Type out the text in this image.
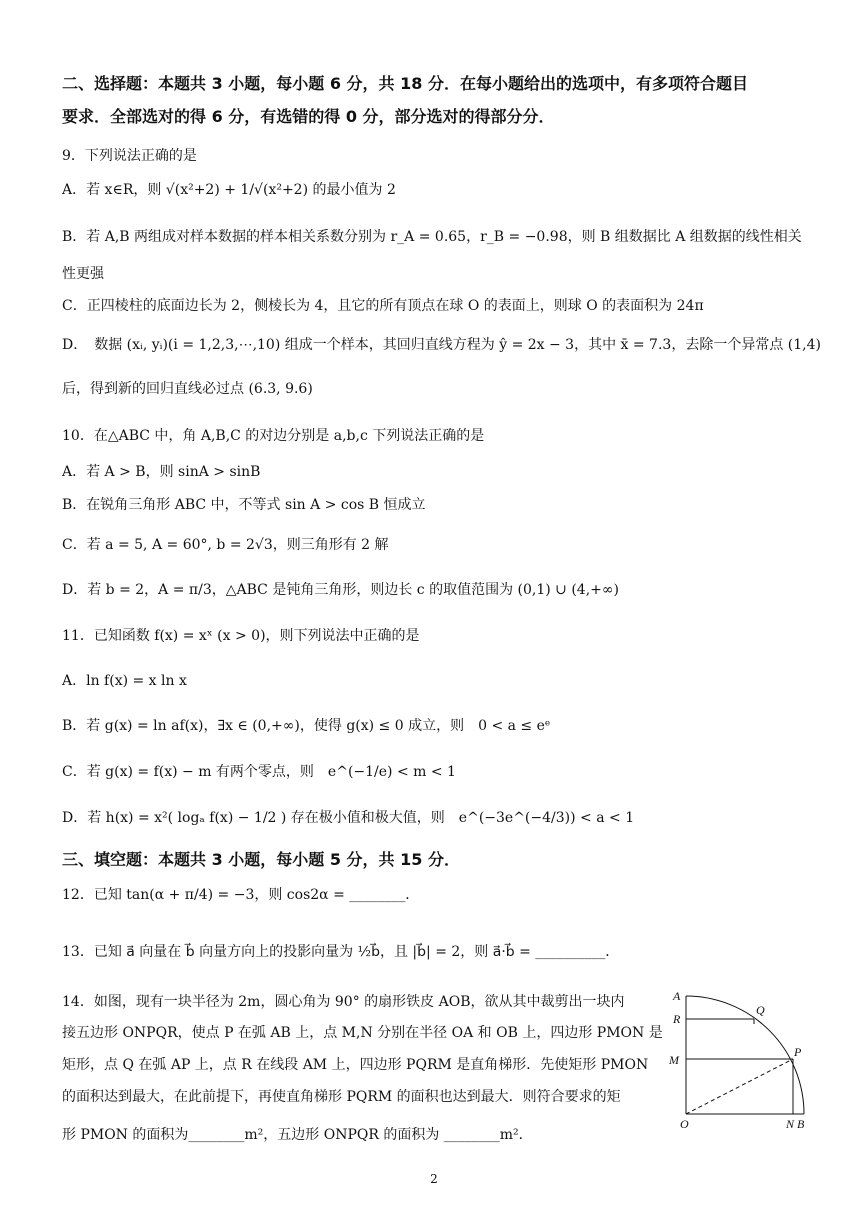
二、选择题：本题共 3 小题，每小题 6 分，共 18 分．在每小题给出的选项中，有多项符合题目
要求．全部选对的得 6 分，有选错的得 0 分，部分选对的得部分分．
9．下列说法正确的是
A．若 x∈R，则 √(x²+2) + 1/√(x²+2) 的最小值为 2
B．若 A,B 两组成对样本数据的样本相关系数分别为 r_A = 0.65，r_B = −0.98，则 B 组数据比 A 组数据的线性相关
性更强
C．正四棱柱的底面边长为 2，侧棱长为 4，且它的所有顶点在球 O 的表面上，则球 O 的表面积为 24π
D．　数据 (xᵢ, yᵢ)(i = 1,2,3,⋯,10) 组成一个样本，其回归直线方程为 ŷ = 2x − 3，其中 x̄ = 7.3，去除一个异常点 (1,4)
后，得到新的回归直线必过点 (6.3, 9.6)
10．在△ABC 中，角 A,B,C 的对边分别是 a,b,c 下列说法正确的是
A．若 A > B，则 sinA > sinB
B．在锐角三角形 ABC 中，不等式 sin A > cos B 恒成立
C．若 a = 5, A = 60°, b = 2√3，则三角形有 2 解
D．若 b = 2，A = π/3，△ABC 是钝角三角形，则边长 c 的取值范围为 (0,1) ∪ (4,+∞)
11．已知函数 f(x) = xˣ (x > 0)，则下列说法中正确的是
A．ln f(x) = x ln x
B．若 g(x) = ln af(x)，∃x ∈ (0,+∞)，使得 g(x) ≤ 0 成立，则　0 < a ≤ eᵉ
C．若 g(x) = f(x) − m 有两个零点，则　e^(−1/e) < m < 1
D．若 h(x) = x²( logₐ f(x) − 1/2 ) 存在极小值和极大值，则　e^(−3e^(−4/3)) < a < 1
三、填空题：本题共 3 小题，每小题 5 分，共 15 分．
12．已知 tan(α + π/4) = −3，则 cos2α = ________．
13．已知 a⃗ 向量在 b⃗ 向量方向上的投影向量为 ½b⃗，且 |b⃗| = 2，则 a⃗·b⃗ = __________．
14．如图，现有一块半径为 2m，圆心角为 90° 的扇形铁皮 AOB，欲从其中裁剪出一块内
接五边形 ONPQR，使点 P 在弧 AB 上，点 M,N 分别在半径 OA 和 OB 上，四边形 PMON 是
矩形，点 Q 在弧 AP 上，点 R 在线段 AM 上，四边形 PQRM 是直角梯形．先使矩形 PMON
的面积达到最大，在此前提下，再使直角梯形 PQRM 的面积也达到最大．则符合要求的矩
形 PMON 的面积为________m²，五边形 ONPQR 的面积为 ________m²．
A
R
Q
M
P
O	N B
2
